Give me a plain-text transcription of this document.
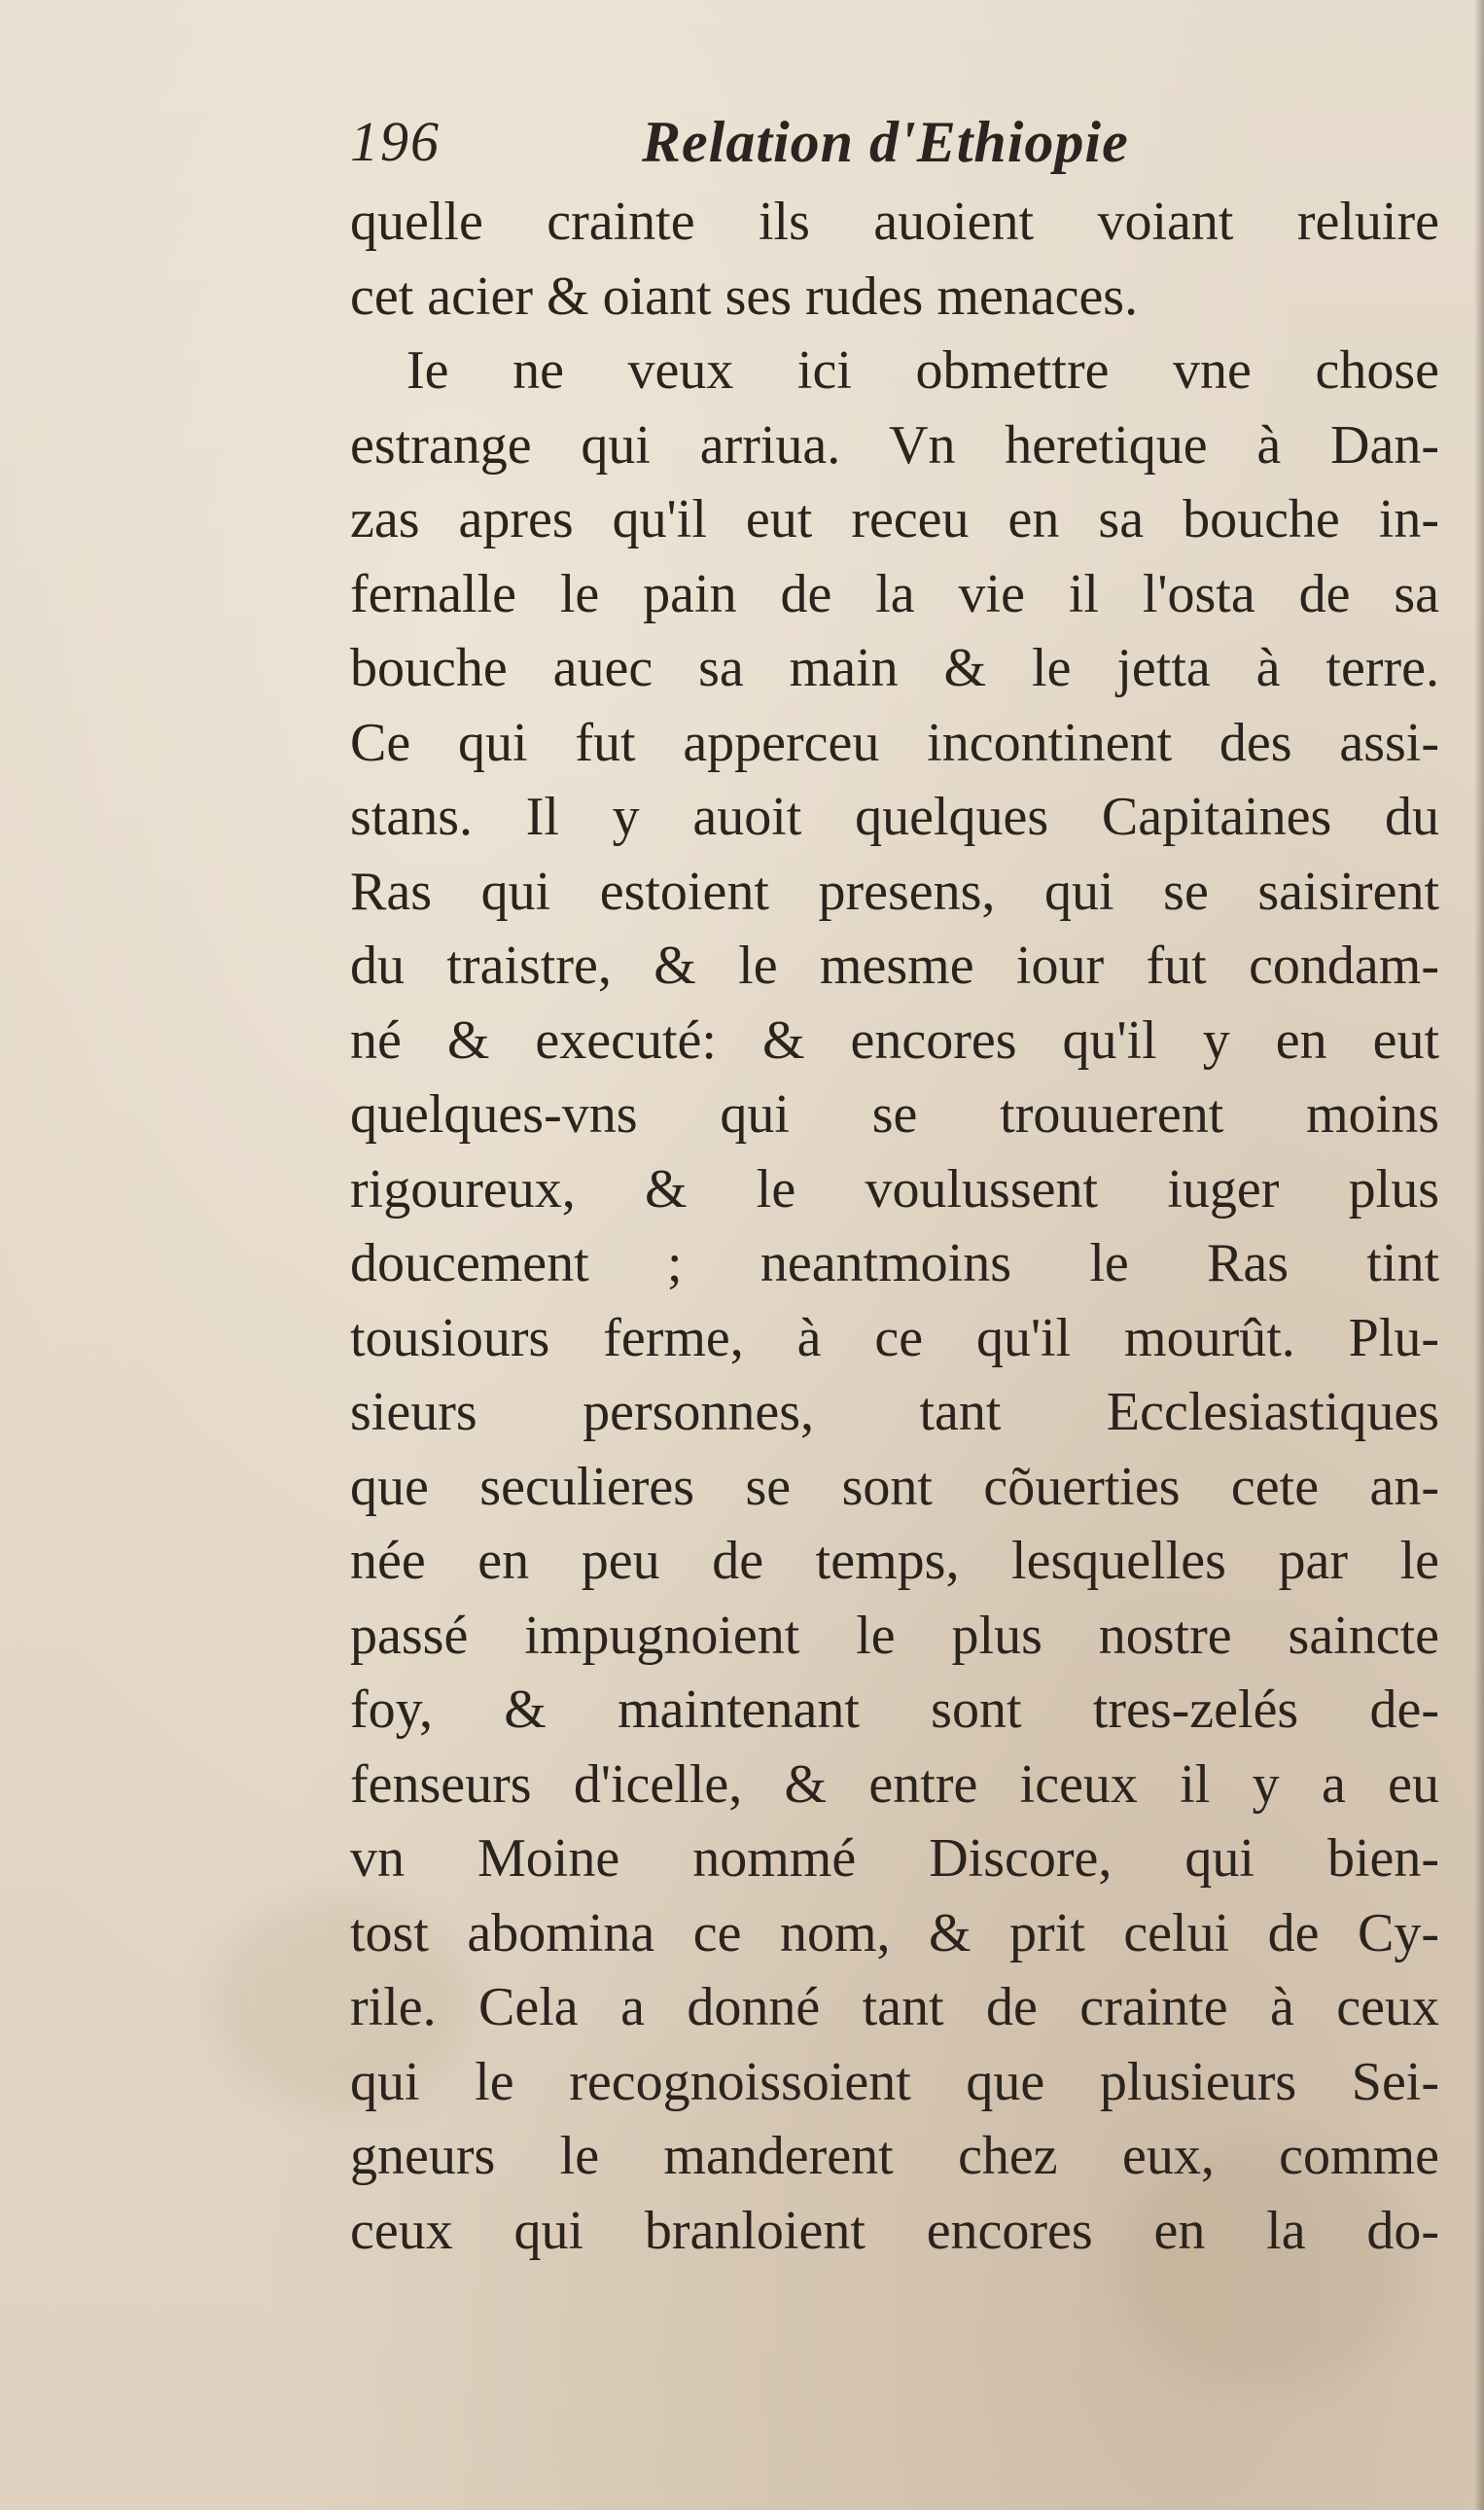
196	Relation d'Ethiopie
quelle crainte ils auoient voiant reluire
cet acier & oiant ses rudes menaces.
Ie ne veux ici obmettre vne chose
estrange qui arriua. Vn heretique à Dan-
zas apres qu'il eut receu en sa bouche in-
fernalle le pain de la vie il l'osta de sa
bouche auec sa main & le jetta à terre.
Ce qui fut apperceu incontinent des assi-
stans. Il y auoit quelques Capitaines du
Ras qui estoient presens, qui se saisirent
du traistre, & le mesme iour fut condam-
né & executé: & encores qu'il y en eut
quelques-vns qui se trouuerent moins
rigoureux, & le voulussent iuger plus
doucement ; neantmoins le Ras tint
tousiours ferme, à ce qu'il mourût. Plu-
sieurs personnes, tant Ecclesiastiques
que seculieres se sont cõuerties cete an-
née en peu de temps, lesquelles par le
passé impugnoient le plus nostre saincte
foy, & maintenant sont tres-zelés de-
fenseurs d'icelle, & entre iceux il y a eu
vn Moine nommé Discore, qui bien-
tost abomina ce nom, & prit celui de Cy-
rile. Cela a donné tant de crainte à ceux
qui le recognoissoient que plusieurs Sei-
gneurs le manderent chez eux, comme
ceux qui branloient encores en la do-
